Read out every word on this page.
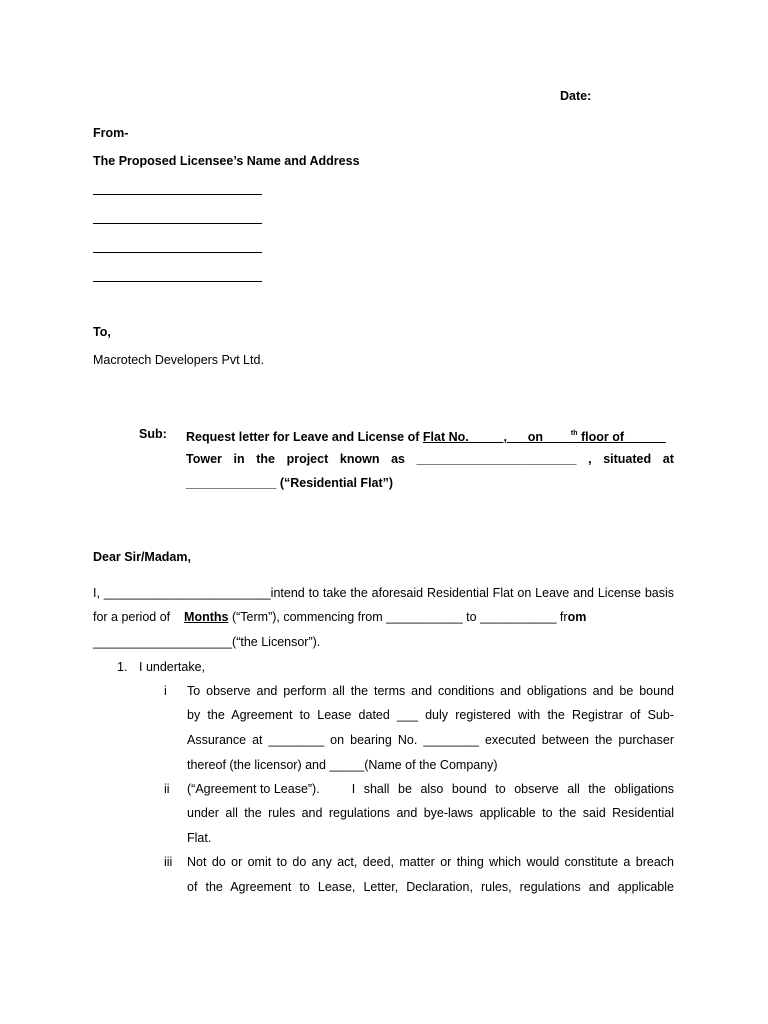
Date:
From-
The Proposed Licensee’s Name and Address
To,
Macrotech Developers Pvt Ltd.
Sub: Request letter for Leave and License of Flat No.	, on	$^{th}$ floor of______
Tower in the project known as _______________________ , situated at
_____________ (“Residential Flat”)
Dear Sir/Madam,
I, ________________________intend to take the aforesaid Residential Flat on Leave and License basis
for a period of Months (“Term”), commencing from ___________ to ___________ from
____________________(“the Licensor”).
1. I undertake,
i To observe and perform all the terms and conditions and obligations and be bound
by the Agreement to Lease dated ___ duly registered with the Registrar of Sub-
Assurance at ________ on bearing No. ________ executed between the purchaser
thereof (the licensor) and _____(Name of the Company)
ii (“Agreement to Lease”).	I shall be also bound to observe all the obligations
under all the rules and regulations and bye-laws applicable to the said Residential
Flat.
iii Not do or omit to do any act, deed, matter or thing which would constitute a breach
of the Agreement to Lease, Letter, Declaration, rules, regulations and applicable
